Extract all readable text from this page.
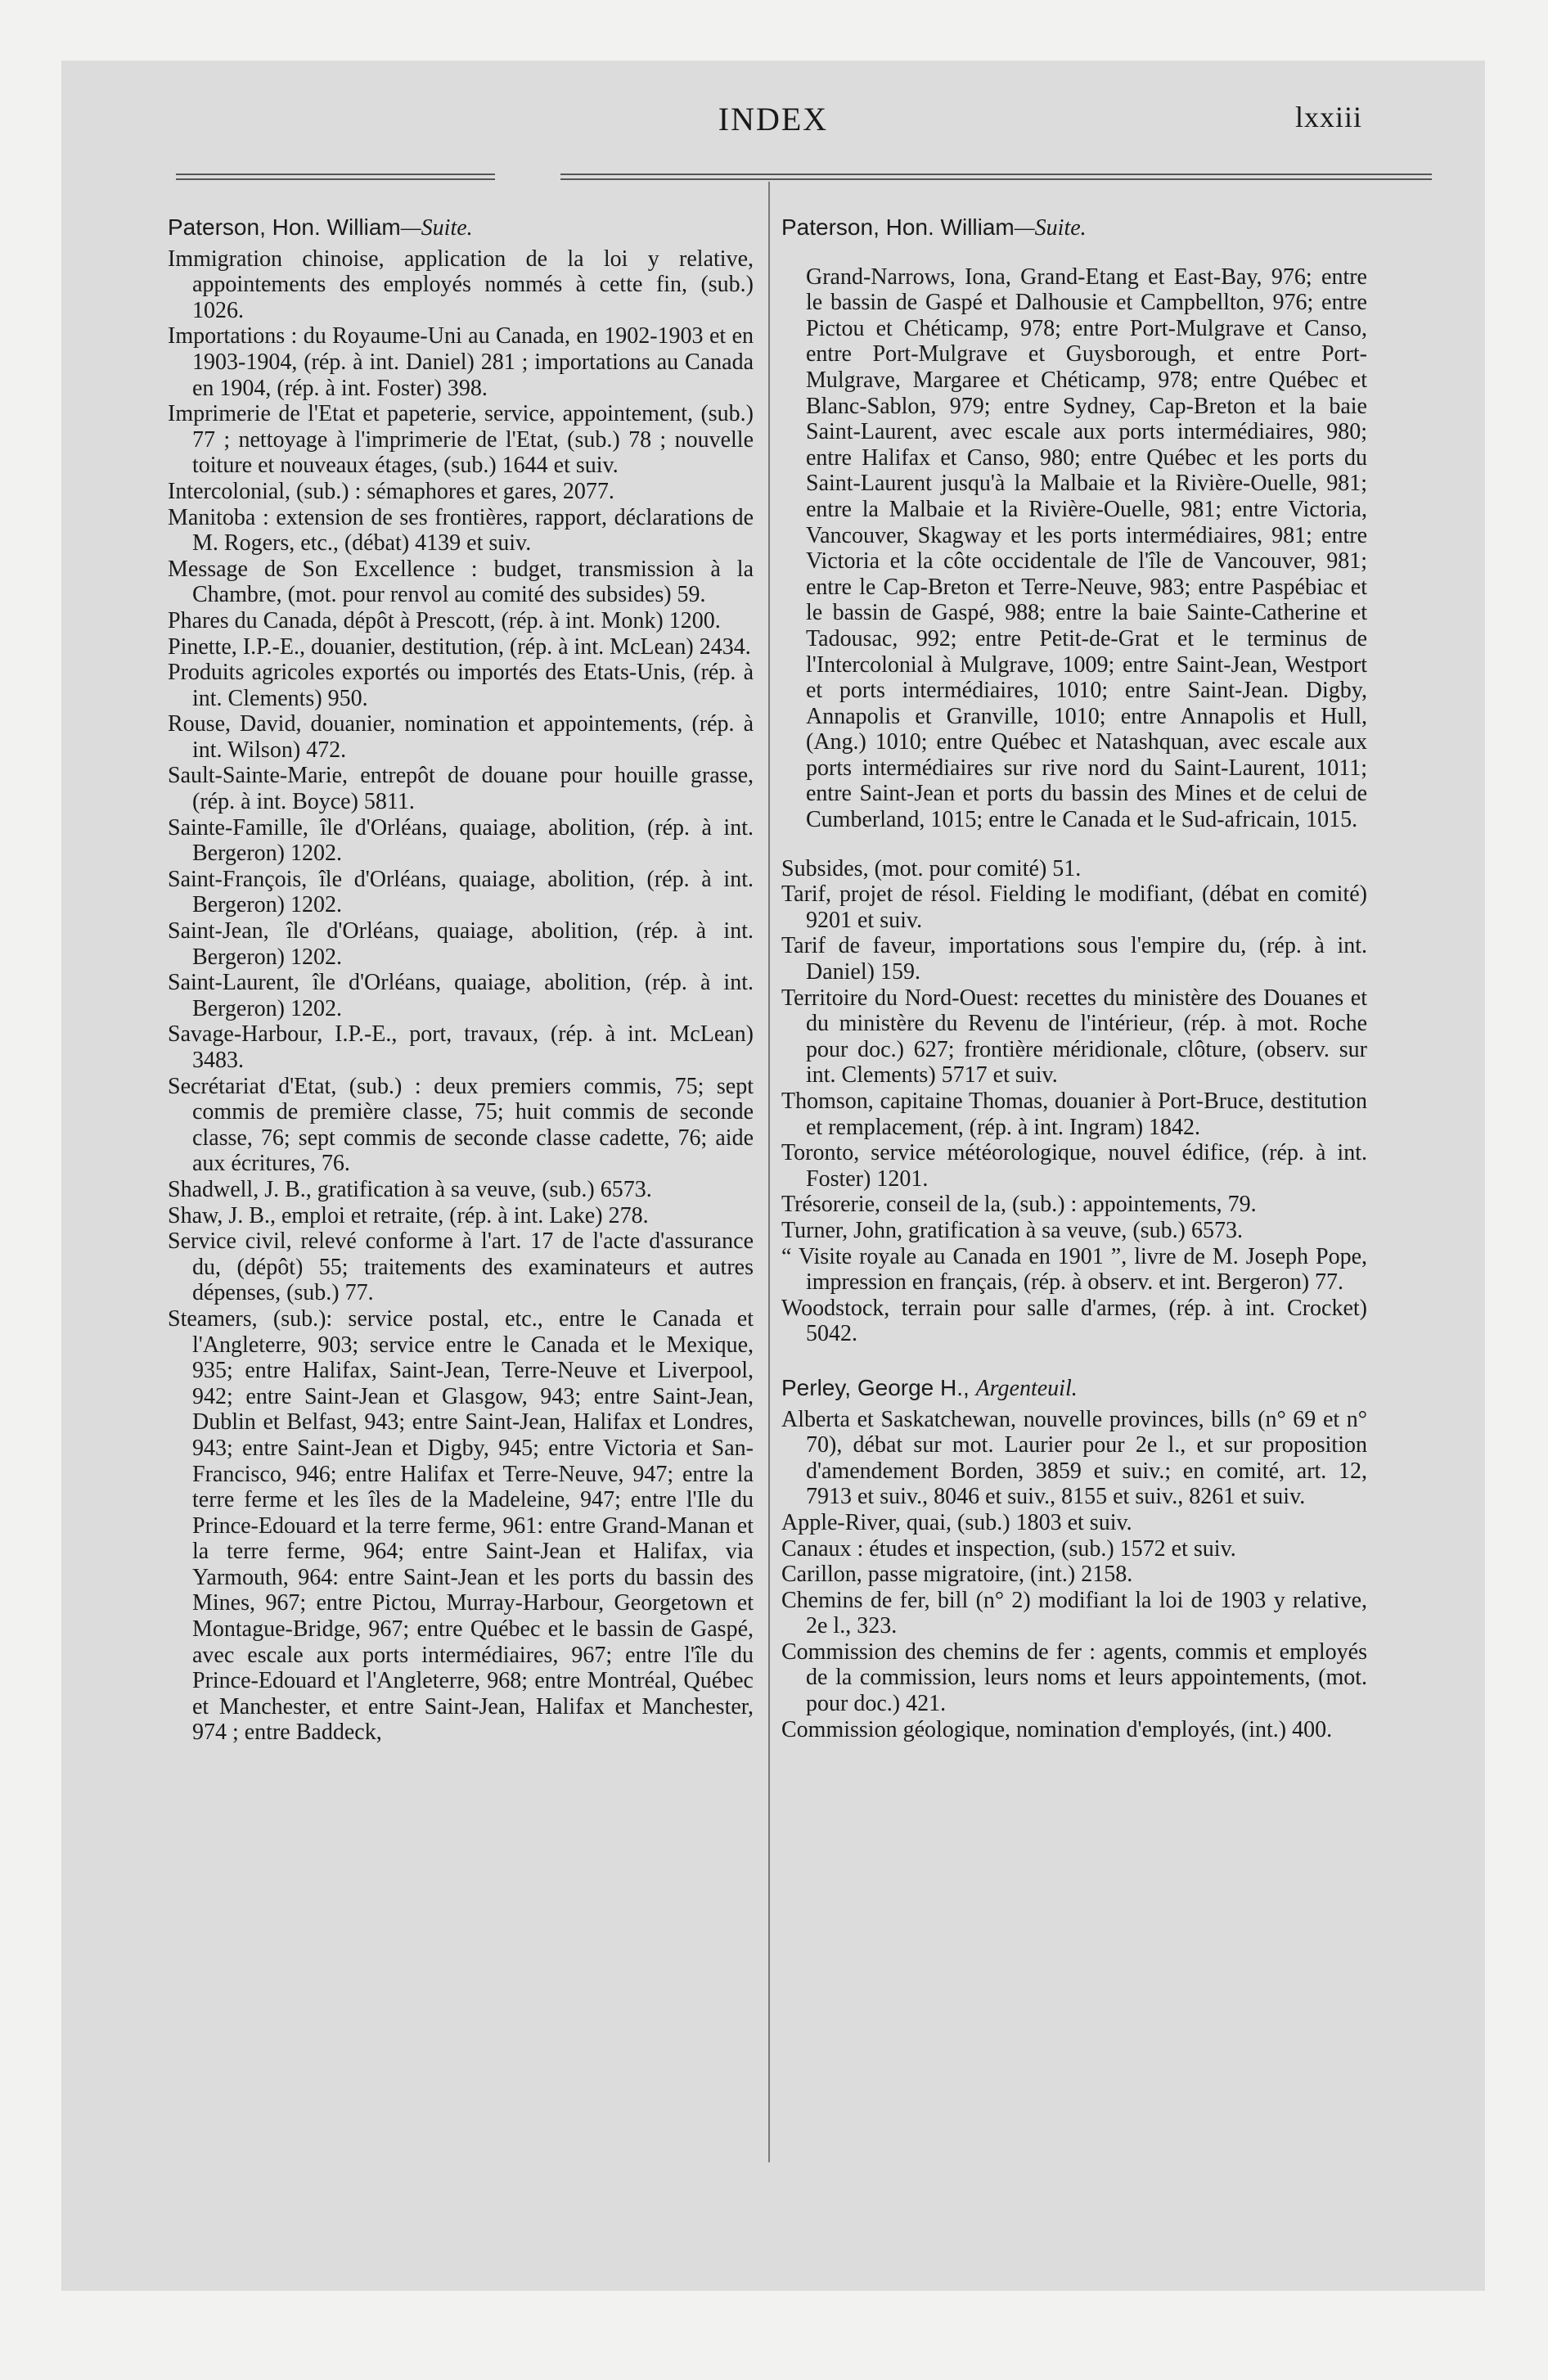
INDEX	lxxiii

Paterson, Hon. William—Suite.

Immigration chinoise, application de la loi y relative, appointements des employés nommés à cette fin, (sub.) 1026.

Importations : du Royaume-Uni au Canada, en 1902-1903 et en 1903-1904, (rép. à int. Daniel) 281 ; importations au Canada en 1904, (rép. à int. Foster) 398.

Imprimerie de l'Etat et papeterie, service, appointement, (sub.) 77 ; nettoyage à l'imprimerie de l'Etat, (sub.) 78 ; nouvelle toiture et nouveaux étages, (sub.) 1644 et suiv.

Intercolonial, (sub.) : sémaphores et gares, 2077.

Manitoba : extension de ses frontières, rapport, déclarations de M. Rogers, etc., (débat) 4139 et suiv.

Message de Son Excellence : budget, transmission à la Chambre, (mot. pour renvol au comité des subsides) 59.

Phares du Canada, dépôt à Prescott, (rép. à int. Monk) 1200.

Pinette, I.P.-E., douanier, destitution, (rép. à int. McLean) 2434.

Produits agricoles exportés ou importés des Etats-Unis, (rép. à int. Clements) 950.

Rouse, David, douanier, nomination et appointements, (rép. à int. Wilson) 472.

Sault-Sainte-Marie, entrepôt de douane pour houille grasse, (rép. à int. Boyce) 5811.

Sainte-Famille, île d'Orléans, quaiage, abolition, (rép. à int. Bergeron) 1202.

Saint-François, île d'Orléans, quaiage, abolition, (rép. à int. Bergeron) 1202.

Saint-Jean, île d'Orléans, quaiage, abolition, (rép. à int. Bergeron) 1202.

Saint-Laurent, île d'Orléans, quaiage, abolition, (rép. à int. Bergeron) 1202.

Savage-Harbour, I.P.-E., port, travaux, (rép. à int. McLean) 3483.

Secrétariat d'Etat, (sub.) : deux premiers commis, 75; sept commis de première classe, 75; huit commis de seconde classe, 76; sept commis de seconde classe cadette, 76; aide aux écritures, 76.

Shadwell, J. B., gratification à sa veuve, (sub.) 6573.

Shaw, J. B., emploi et retraite, (rép. à int. Lake) 278.

Service civil, relevé conforme à l'art. 17 de l'acte d'assurance du, (dépôt) 55; traitements des examinateurs et autres dépenses, (sub.) 77.

Steamers, (sub.): service postal, etc., entre le Canada et l'Angleterre, 903; service entre le Canada et le Mexique, 935; entre Halifax, Saint-Jean, Terre-Neuve et Liverpool, 942; entre Saint-Jean et Glasgow, 943; entre Saint-Jean, Dublin et Belfast, 943; entre Saint-Jean, Halifax et Londres, 943; entre Saint-Jean et Digby, 945; entre Victoria et San-Francisco, 946; entre Halifax et Terre-Neuve, 947; entre la terre ferme et les îles de la Madeleine, 947; entre l'Ile du Prince-Edouard et la terre ferme, 961: entre Grand-Manan et la terre ferme, 964; entre Saint-Jean et Halifax, via Yarmouth, 964: entre Saint-Jean et les ports du bassin des Mines, 967; entre Pictou, Murray-Harbour, Georgetown et Montague-Bridge, 967; entre Québec et le bassin de Gaspé, avec escale aux ports intermédiaires, 967; entre l'île du Prince-Edouard et l'Angleterre, 968; entre Montréal, Québec et Manchester, et entre Saint-Jean, Halifax et Manchester, 974 ; entre Baddeck,

Paterson, Hon. William—Suite.

Grand-Narrows, Iona, Grand-Etang et East-Bay, 976; entre le bassin de Gaspé et Dalhousie et Campbellton, 976; entre Pictou et Chéticamp, 978; entre Port-Mulgrave et Canso, entre Port-Mulgrave et Guysborough, et entre Port-Mulgrave, Margaree et Chéticamp, 978; entre Québec et Blanc-Sablon, 979; entre Sydney, Cap-Breton et la baie Saint-Laurent, avec escale aux ports intermédiaires, 980; entre Halifax et Canso, 980; entre Québec et les ports du Saint-Laurent jusqu'à la Malbaie et la Rivière-Ouelle, 981; entre la Malbaie et la Rivière-Ouelle, 981; entre Victoria, Vancouver, Skagway et les ports intermédiaires, 981; entre Victoria et la côte occidentale de l'île de Vancouver, 981; entre le Cap-Breton et Terre-Neuve, 983; entre Paspébiac et le bassin de Gaspé, 988; entre la baie Sainte-Catherine et Tadousac, 992; entre Petit-de-Grat et le terminus de l'Intercolonial à Mulgrave, 1009; entre Saint-Jean, Westport et ports intermédiaires, 1010; entre Saint-Jean. Digby, Annapolis et Granville, 1010; entre Annapolis et Hull, (Ang.) 1010; entre Québec et Natashquan, avec escale aux ports intermédiaires sur rive nord du Saint-Laurent, 1011; entre Saint-Jean et ports du bassin des Mines et de celui de Cumberland, 1015; entre le Canada et le Sud-africain, 1015.

Subsides, (mot. pour comité) 51.

Tarif, projet de résol. Fielding le modifiant, (débat en comité) 9201 et suiv.

Tarif de faveur, importations sous l'empire du, (rép. à int. Daniel) 159.

Territoire du Nord-Ouest: recettes du ministère des Douanes et du ministère du Revenu de l'intérieur, (rép. à mot. Roche pour doc.) 627; frontière méridionale, clôture, (observ. sur int. Clements) 5717 et suiv.

Thomson, capitaine Thomas, douanier à Port-Bruce, destitution et remplacement, (rép. à int. Ingram) 1842.

Toronto, service météorologique, nouvel édifice, (rép. à int. Foster) 1201.

Trésorerie, conseil de la, (sub.) : appointements, 79.

Turner, John, gratification à sa veuve, (sub.) 6573.

“ Visite royale au Canada en 1901 ”, livre de M. Joseph Pope, impression en français, (rép. à observ. et int. Bergeron) 77.

Woodstock, terrain pour salle d'armes, (rép. à int. Crocket) 5042.

Perley, George H., Argenteuil.

Alberta et Saskatchewan, nouvelle provinces, bills (n° 69 et n° 70), débat sur mot. Laurier pour 2e l., et sur proposition d'amendement Borden, 3859 et suiv.; en comité, art. 12, 7913 et suiv., 8046 et suiv., 8155 et suiv., 8261 et suiv.

Apple-River, quai, (sub.) 1803 et suiv.

Canaux : études et inspection, (sub.) 1572 et suiv.

Carillon, passe migratoire, (int.) 2158.

Chemins de fer, bill (n° 2) modifiant la loi de 1903 y relative, 2e l., 323.

Commission des chemins de fer : agents, commis et employés de la commission, leurs noms et leurs appointements, (mot. pour doc.) 421.

Commission géologique, nomination d'employés, (int.) 400.
